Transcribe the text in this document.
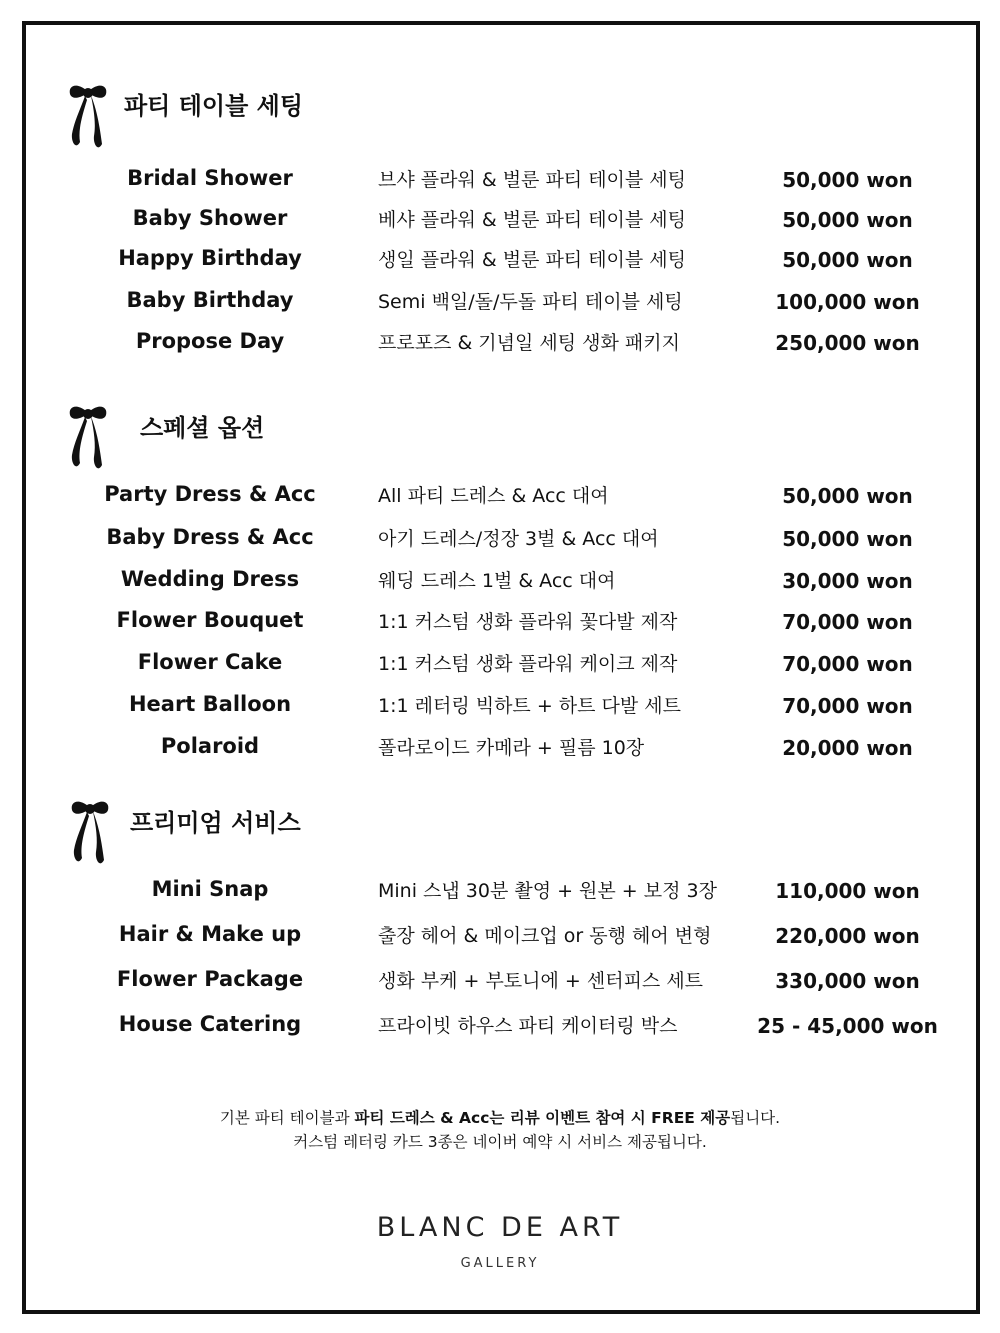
파티 테이블 세팅
Bridal Shower	브샤 플라워 & 벌룬 파티 테이블 세팅	50,000 won
Baby Shower	베샤 플라워 & 벌룬 파티 테이블 세팅	50,000 won
Happy Birthday	생일 플라워 & 벌룬 파티 테이블 세팅	50,000 won
Baby Birthday	Semi 백일/돌/두돌 파티 테이블 세팅	100,000 won
Propose Day	프로포즈 & 기념일 세팅 생화 패키지	250,000 won
스페셜 옵션
Party Dress & Acc	All 파티 드레스 & Acc 대여	50,000 won
Baby Dress & Acc	아기 드레스/정장 3벌 & Acc 대여	50,000 won
Wedding Dress	웨딩 드레스 1벌 & Acc 대여	30,000 won
Flower Bouquet	1:1 커스텀 생화 플라워 꽃다발 제작	70,000 won
Flower Cake	1:1 커스텀 생화 플라워 케이크 제작	70,000 won
Heart Balloon	1:1 레터링 빅하트 + 하트 다발 세트	70,000 won
Polaroid	폴라로이드 카메라 + 필름 10장	20,000 won
프리미엄 서비스
Mini Snap	Mini 스냅 30분 촬영 + 원본 + 보정 3장	110,000 won
Hair & Make up	출장 헤어 & 메이크업 or 동행 헤어 변형	220,000 won
Flower Package	생화 부케 + 부토니에 + 센터피스 세트	330,000 won
House Catering	프라이빗 하우스 파티 케이터링 박스	25 - 45,000 won
기본 파티 테이블과 파티 드레스 & Acc는 리뷰 이벤트 참여 시 FREE 제공됩니다.
커스텀 레터링 카드 3종은 네이버 예약 시 서비스 제공됩니다.
BLANC DE ART
GALLERY
